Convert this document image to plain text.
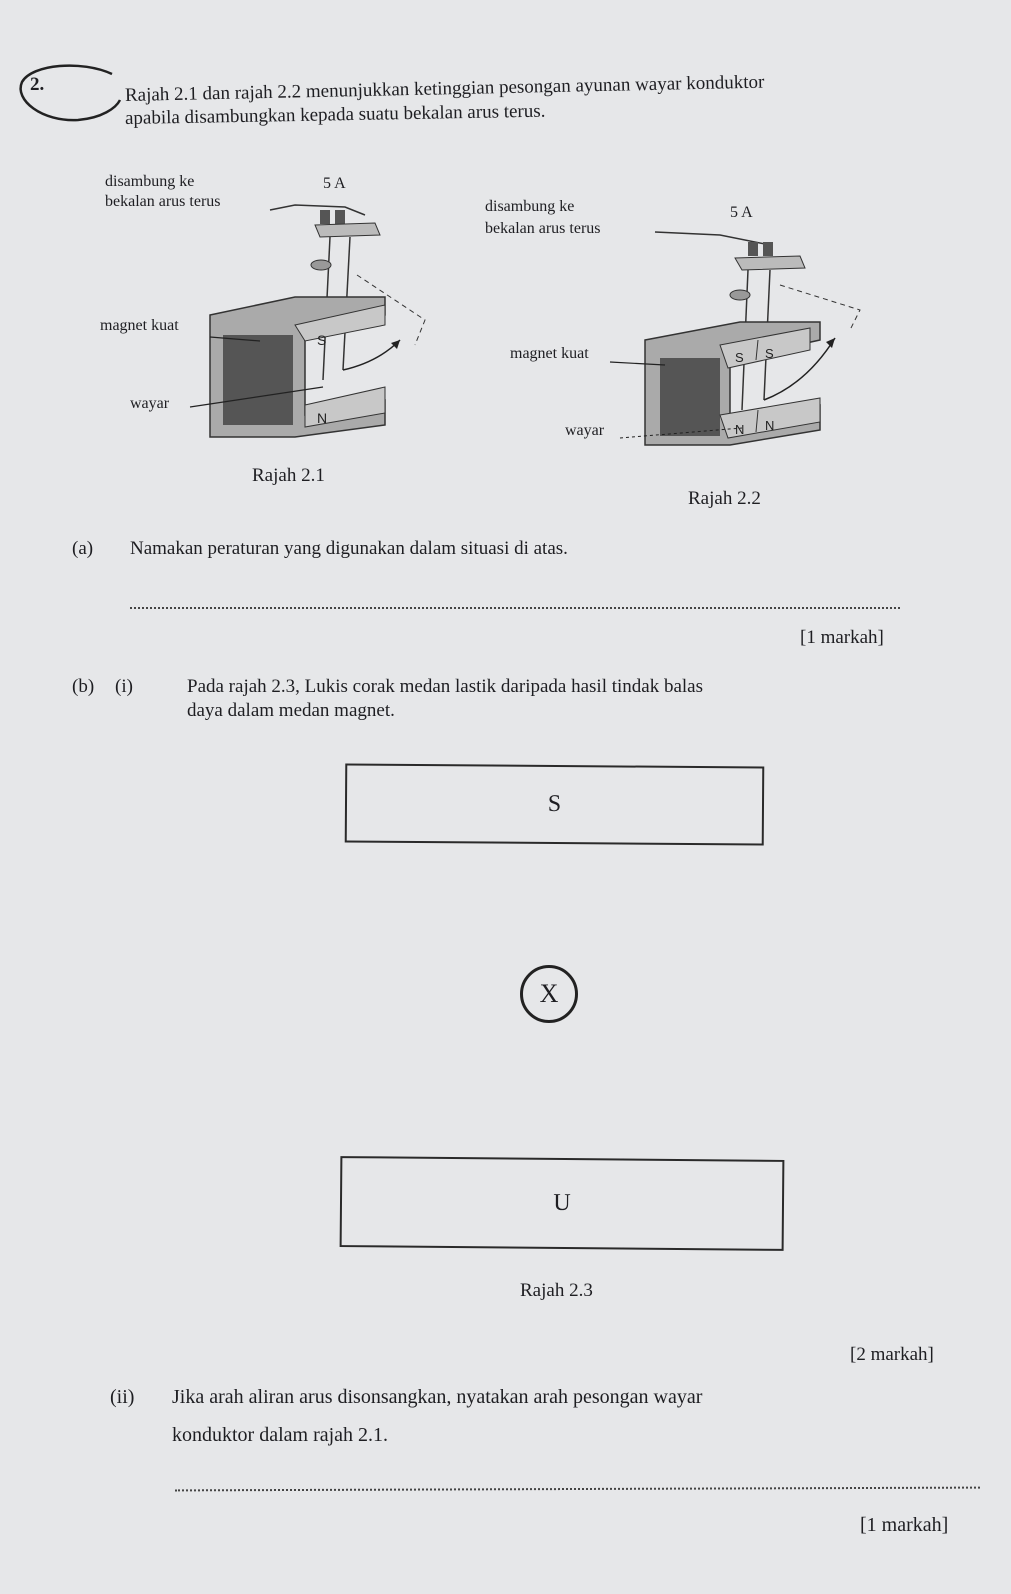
2.	Rajah 2.1 dan rajah 2.2 menunjukkan ketinggian pesongan ayunan wayar konduktor
apabila disambungkan kepada suatu bekalan arus terus.
disambung ke
bekalan arus terus
5 A
magnet kuat
wayar
S
N
Rajah 2.1
disambung ke
bekalan arus terus
5 A
magnet kuat
wayar
S S
N N
Rajah 2.2
(a) Namakan peraturan yang digunakan dalam situasi di atas.
[1 markah]
(b) (i)	Pada rajah 2.3, Lukis corak medan lastik daripada hasil tindak balas
daya dalam medan magnet.
S
X
U
Rajah 2.3
[2 markah]
(ii) Jika arah aliran arus disonsangkan, nyatakan arah pesongan wayar
konduktor dalam rajah 2.1.
[1 markah]
